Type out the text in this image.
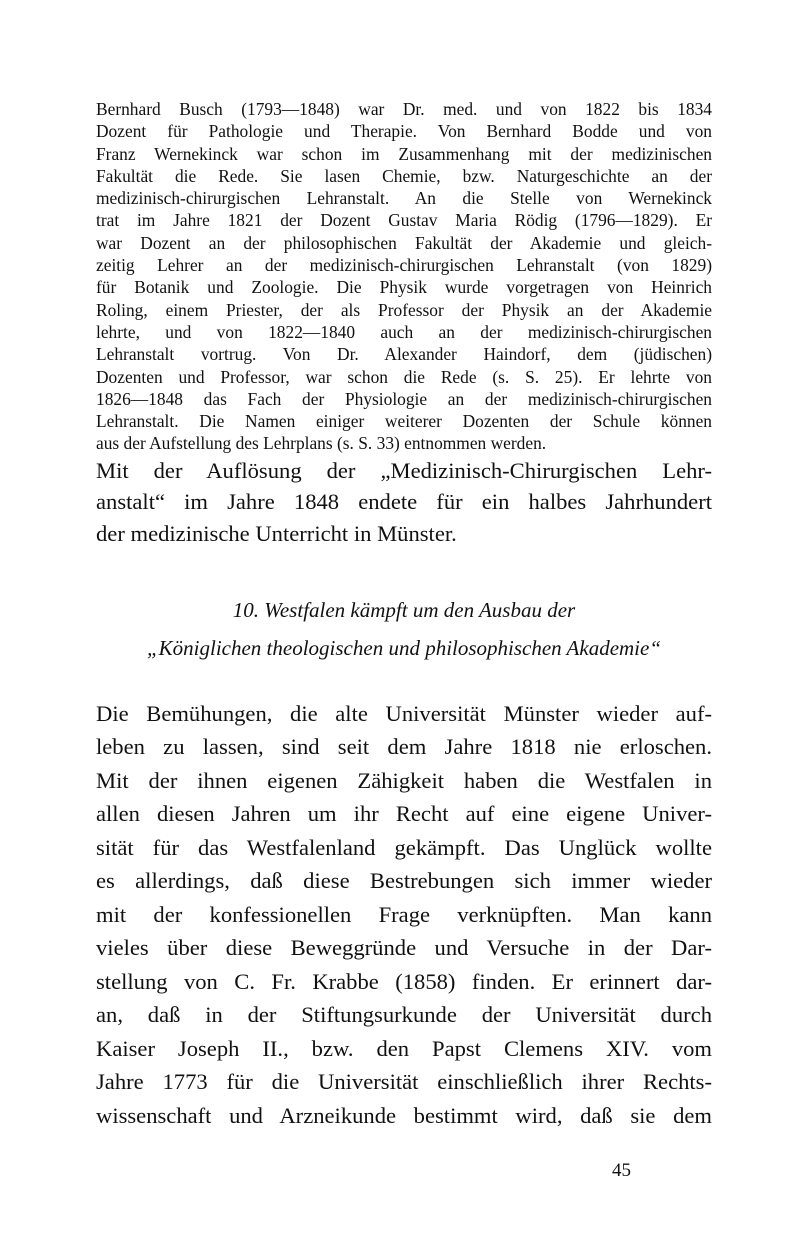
Bernhard Busch (1793—1848) war Dr. med. und von 1822 bis 1834
Dozent für Pathologie und Therapie. Von Bernhard Bodde und von
Franz Wernekinck war schon im Zusammenhang mit der medizinischen
Fakultät die Rede. Sie lasen Chemie, bzw. Naturgeschichte an der
medizinisch-chirurgischen Lehranstalt. An die Stelle von Wernekinck
trat im Jahre 1821 der Dozent Gustav Maria Rödig (1796—1829). Er
war Dozent an der philosophischen Fakultät der Akademie und gleich-
zeitig Lehrer an der medizinisch-chirurgischen Lehranstalt (von 1829)
für Botanik und Zoologie. Die Physik wurde vorgetragen von Heinrich
Roling, einem Priester, der als Professor der Physik an der Akademie
lehrte, und von 1822—1840 auch an der medizinisch-chirurgischen
Lehranstalt vortrug. Von Dr. Alexander Haindorf, dem (jüdischen)
Dozenten und Professor, war schon die Rede (s. S. 25). Er lehrte von
1826—1848 das Fach der Physiologie an der medizinisch-chirurgischen
Lehranstalt. Die Namen einiger weiterer Dozenten der Schule können
aus der Aufstellung des Lehrplans (s. S. 33) entnommen werden.
Mit der Auflösung der „Medizinisch-Chirurgischen Lehr-
anstalt“ im Jahre 1848 endete für ein halbes Jahrhundert
der medizinische Unterricht in Münster.
10. Westfalen kämpft um den Ausbau der
„Königlichen theologischen und philosophischen Akademie“
Die Bemühungen, die alte Universität Münster wieder auf-
leben zu lassen, sind seit dem Jahre 1818 nie erloschen.
Mit der ihnen eigenen Zähigkeit haben die Westfalen in
allen diesen Jahren um ihr Recht auf eine eigene Univer-
sität für das Westfalenland gekämpft. Das Unglück wollte
es allerdings, daß diese Bestrebungen sich immer wieder
mit der konfessionellen Frage verknüpften. Man kann
vieles über diese Beweggründe und Versuche in der Dar-
stellung von C. Fr. Krabbe (1858) finden. Er erinnert dar-
an, daß in der Stiftungsurkunde der Universität durch
Kaiser Joseph II., bzw. den Papst Clemens XIV. vom
Jahre 1773 für die Universität einschließlich ihrer Rechts-
wissenschaft und Arzneikunde bestimmt wird, daß sie dem
45
